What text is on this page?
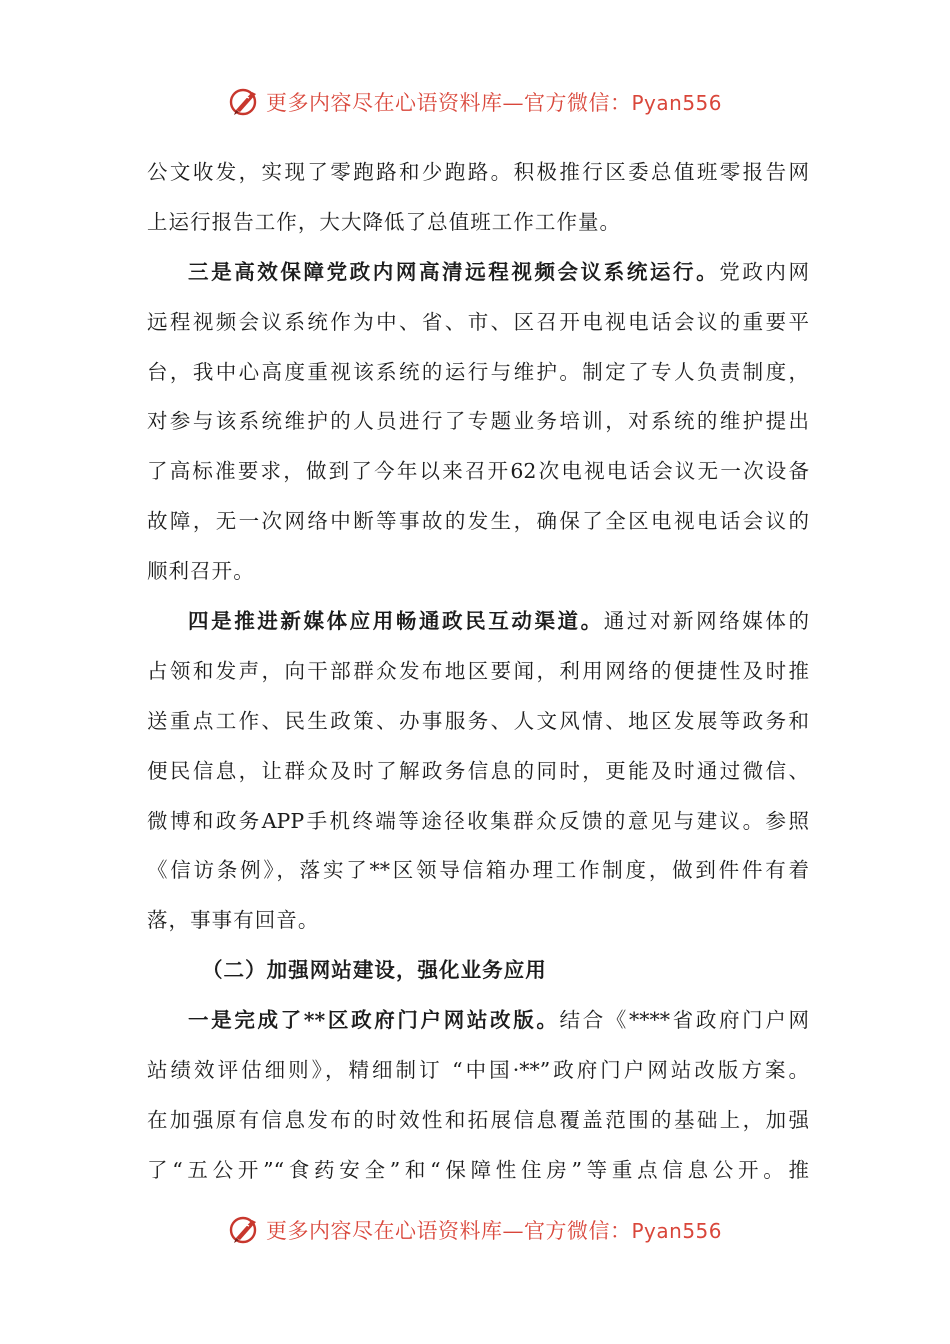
更多内容尽在心语资料库—官方微信：Pyan556
公文收发，实现了零跑路和少跑路。积极推行区委总值班零报告网
上运行报告工作，大大降低了总值班工作工作量。
三是高效保障党政内网高清远程视频会议系统运行。党政内网
远程视频会议系统作为中、省、市、区召开电视电话会议的重要平
台，我中心高度重视该系统的运行与维护。制定了专人负责制度，
对参与该系统维护的人员进行了专题业务培训，对系统的维护提出
了高标准要求，做到了今年以来召开62次电视电话会议无一次设备
故障，无一次网络中断等事故的发生，确保了全区电视电话会议的
顺利召开。
四是推进新媒体应用畅通政民互动渠道。通过对新网络媒体的
占领和发声，向干部群众发布地区要闻，利用网络的便捷性及时推
送重点工作、民生政策、办事服务、人文风情、地区发展等政务和
便民信息，让群众及时了解政务信息的同时，更能及时通过微信、
微博和政务APP手机终端等途径收集群众反馈的意见与建议。参照
《信访条例》，落实了**区领导信箱办理工作制度，做到件件有着
落，事事有回音。
（二）加强网站建设，强化业务应用
一是完成了**区政府门户网站改版。结合《****省政府门户网
站绩效评估细则》，精细制订 “中国·**”政府门户网站改版方案。
在加强原有信息发布的时效性和拓展信息覆盖范围的基础上，加强
了“五公开”“食药安全”和“保障性住房”等重点信息公开。推
更多内容尽在心语资料库—官方微信：Pyan556
